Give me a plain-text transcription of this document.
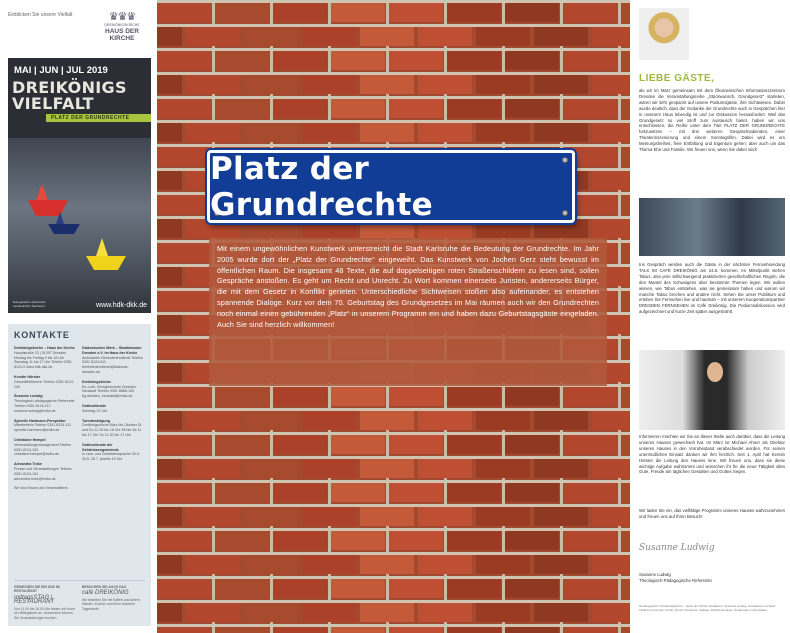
Einblicken Sie unsere Vielfalt	♛♛♛
DREIKÖNIGSKIRCHE
HAUS DER
KIRCHE
MAI | JUN | JUL 2019
DREIKÖNIGS
VIELFALT
PLATZ DER GRUNDRECHTE
Evangelisch-Lutherische Landeskirche Sachsens	www.hdk-dkk.de
KONTAKTE
Dreikönigskirche – Haus der Kirche
Hauptstraße 23 | 01097 Dresden Montag bis Freitag 9 bis 18 Uhr Samstag 11 bis 17 Uhr Telefon 0351 8124-0 www.hdk-dkk.de
Kerstin Hörster
Geschäftsführerin Telefon 0351 8124-100
Susanne Ludwig
Theologisch-pädagogische Referentin Telefon 0351 8124-112 susanne.ludwig@evlks.de
Sybrelle Hartmann-Perspektor
Mitarbeiterin Telefon 0351 8124-111 sybrelle.hartmann@evlks.de
Christiane Hempel
Veranstaltungsmanagement Telefon 0351 8124-103 christiane.hempel@evlks.de
Alexandra Troke
Presse und Veranstaltungen Telefon 0351 8124-104 alexandra.troke@evlks.de
Wir sind Raum und Veranstalterin.
Diakonisches Werk – Stadtmission Dresden e.V. im Haus der Kirche
Ambulanter Behindertendienst Telefon 0351 8124-511 behindertendienst@diakonie-dresden.de
Dreikönigskirche
Ev.-Luth. Kirchgemeinde Dresden-Neustadt Telefon 0351 8886-100 kg.dresden_neustadt@evlks.de
Gottesdienste
Sonntag 10 Uhr
Turmbesteigung
Dreikönigskirche März bis Oktober Di und Do 11.30 bis 16 Uhr Mi bis Sa 11 bis 17 Uhr So 11.30 bis 17 Uhr
Gottesdienste der Gehörlosengemeinde
in Laut- und Gebärdensprache 26.5. 30.6. 28.7. jeweils 10 Uhr
GENIESSEN SIE BEI UNS IM RESTAURANT
mittagsSTAG | RESTAURANT
Von 11.00 bis 15.00 Uhr bieten wir Ihnen ein Mittagstisch an. Ausserdem können Sie Veranstaltungen buchen.
BESUCHEN SIE AUCH DAS
café DREIKÖNIG
Wir bewirten Sie mit Kaffee aus fairem Handel, Kuchen und einer leckeren Tageskarte.
Platz der Grundrechte
Mit einem ungewöhnlichen Kunstwerk unterstreicht die Stadt Karlsruhe die Bedeutung der Grundrechte. Im Jahr 2005 wurde dort der „Platz der Grundrechte“ eingeweiht. Das Kunstwerk von Jochen Gerz steht bewusst im öffentlichen Raum. Die insgesamt 48 Texte, die auf doppelseitigen roten Straßenschildern zu lesen sind, sollen Gespräche anstoßen. Es geht um Recht und Unrecht. Zu Wort kommen einerseits Juristen, andererseits Bürger, die mit dem Gesetz in Konflikt gerieten. Unterschiedliche Sichtweisen stoßen also aufeinander, es entstehen spannende Dialoge. Kurz vor dem 70. Geburtstag des Grundgesetzes im Mai räumen auch wir den Grundrechten noch einmal einen gebührenden „Platz“ in unserem Programm ein und haben dazu Geburtstagsgäste eingeladen. Auch Sie sind herzlich willkommen!
LIEBE GÄSTE,
als wir im März gemeinsam mit dem Ökumenischen Informationszentrum Dresden die Veranstaltungsreihe „Stückwunsch, Grundgesetz“ starteten, waren wir sehr gespannt auf unsere Podiumsgäste, ihre Sichtweisen. Dabei wurde deutlich, dass der Gedanke der Grundrechte auch in Gesprächen hier in unserem Haus lebendig ist und zur Diskussion herausfordert. Weil das Grundgesetz so viel Stoff zum Austausch bietet, haben wir uns entschlossen, die Reihe unter dem Titel PLATZ DER GRUNDRECHTE fortzusetzen – mit drei weiteren Gesprächsabenden, einer Theaterinszenierung und einem Sonntagsfilm. Dabei wird es um Meinungsfreiheit, freie Entfaltung und Eigentum gehen, aber auch um das Thema Ehe und Familie. Wir freuen uns, wenn Sie dabei sind!
Ins Gespräch werden auch die Gäste in der nächsten Fernsehsendung TALK IM CAFÉ DREIKÖNIG am 24.6. kommen. Im Mittelpunkt stehen Tabus, also jene stillschweigend praktizierten gesellschaftlichen Regeln, die den Mantel des Schweigens über bestimmte Themen legen. Wir wollen wissen, wie Tabus entstehen, was sie gemeinsam haben und warum wir manche Tabus brechen und andere nicht. Sehen Sie unser Publikum und erleben Sie Fernsehen live und hautnah – mit unserem Kooperationspartner DRESDEN FERNSEHEN im Café Dreikönig. Die Podiumsdiskussion wird aufgezeichnet und kurze Zeit später ausgestrahlt.
Informieren möchten wir Sie an dieser Stelle auch darüber, dass die Leitung unseres Hauses gewechselt hat. Im März ist Michael Ahner als Direktor unseres Hauses in den Vorruhestand verabschiedet worden. Für seinen unermüdlichen Einsatz danken wir ihm herzlich. Seit 1. April hat Kerstin Hörster die Leitung des Hauses inne. Wir freuen uns, dass sie diese wichtige Aufgabe wahrnimmt und wünschen ihr für die neue Tätigkeit alles Gute, Freude am täglichen Gestalten und Gottes Segen.
Wir laden Sie ein, das vielfältige Programm unseres Hauses wahrzunehmen und freuen uns auf Ihren Besuch!
Susanne Ludwig
Susanne Ludwig
Theologisch-Pädagogische Referentin
Herausgeberin: Dreikönigskirche – Haus der Kirche. Redaktion: Susanne Ludwig. Gestaltung und Satz. Titelfoto und Fotos: Archiv. Druck: Druckerei. Auflage: 4000 Exemplare. Änderungen vorbehalten.
